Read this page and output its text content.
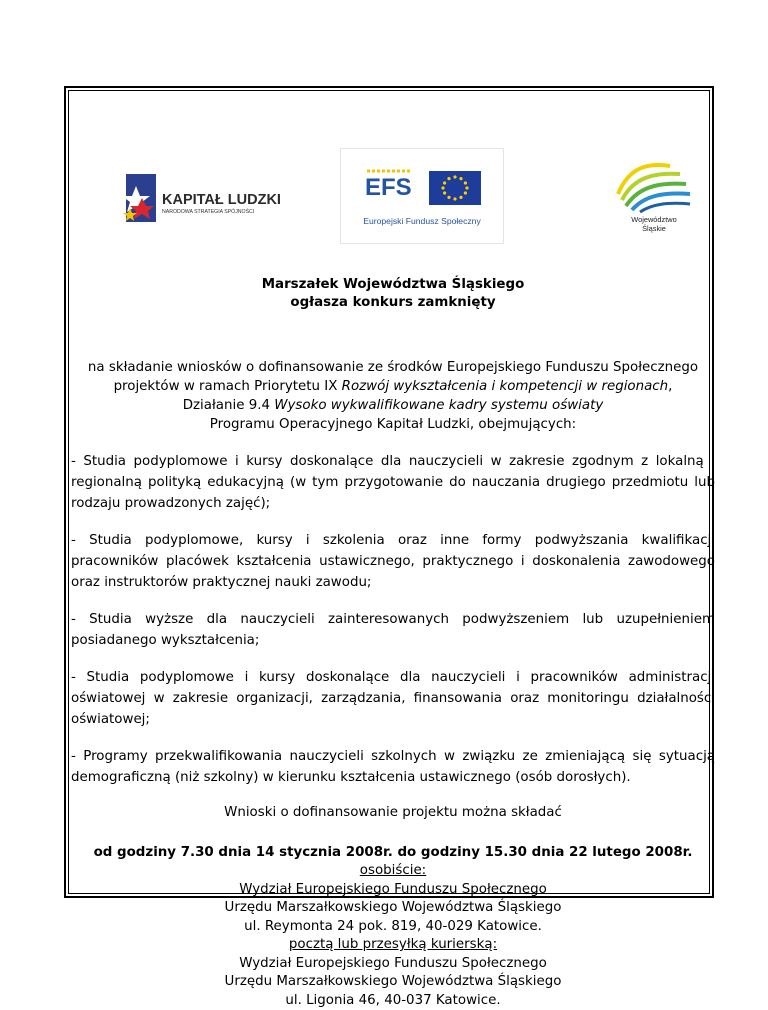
KAPITAŁ LUDZKI
NARODOWA STRATEGIA SPÓJNOŚCI
EFS
Europejski Fundusz Społeczny	Województwo
Śląskie

Marszałek Województwa Śląskiego
ogłasza konkurs zamknięty

na składanie wniosków o dofinansowanie ze środków Europejskiego Funduszu Społecznego
projektów w ramach Priorytetu IX Rozwój wykształcenia i kompetencji w regionach,
Działanie 9.4 Wysoko wykwalifikowane kadry systemu oświaty
Programu Operacyjnego Kapitał Ludzki, obejmujących:

- Studia podyplomowe i kursy doskonalące dla nauczycieli w zakresie zgodnym z lokalną i regionalną polityką edukacyjną (w tym przygotowanie do nauczania drugiego przedmiotu lub rodzaju prowadzonych zajęć);

- Studia podyplomowe, kursy i szkolenia oraz inne formy podwyższania kwalifikacji pracowników placówek kształcenia ustawicznego, praktycznego i doskonalenia zawodowego oraz instruktorów praktycznej nauki zawodu;

- Studia wyższe dla nauczycieli zainteresowanych podwyższeniem lub uzupełnieniem posiadanego wykształcenia;

- Studia podyplomowe i kursy doskonalące dla nauczycieli i pracowników administracji oświatowej w zakresie organizacji, zarządzania, finansowania oraz monitoringu działalności oświatowej;

- Programy przekwalifikowania nauczycieli szkolnych w związku ze zmieniającą się sytuacją demograficzną (niż szkolny) w kierunku kształcenia ustawicznego (osób dorosłych).

Wnioski o dofinansowanie projektu można składać

od godziny 7.30 dnia 14 stycznia 2008r. do godziny 15.30 dnia 22 lutego 2008r.

osobiście:
Wydział Europejskiego Funduszu Społecznego
Urzędu Marszałkowskiego Województwa Śląskiego
ul. Reymonta 24 pok. 819, 40-029 Katowice.
pocztą lub przesyłką kurierską:
Wydział Europejskiego Funduszu Społecznego
Urzędu Marszałkowskiego Województwa Śląskiego
ul. Ligonia 46, 40-037 Katowice.
